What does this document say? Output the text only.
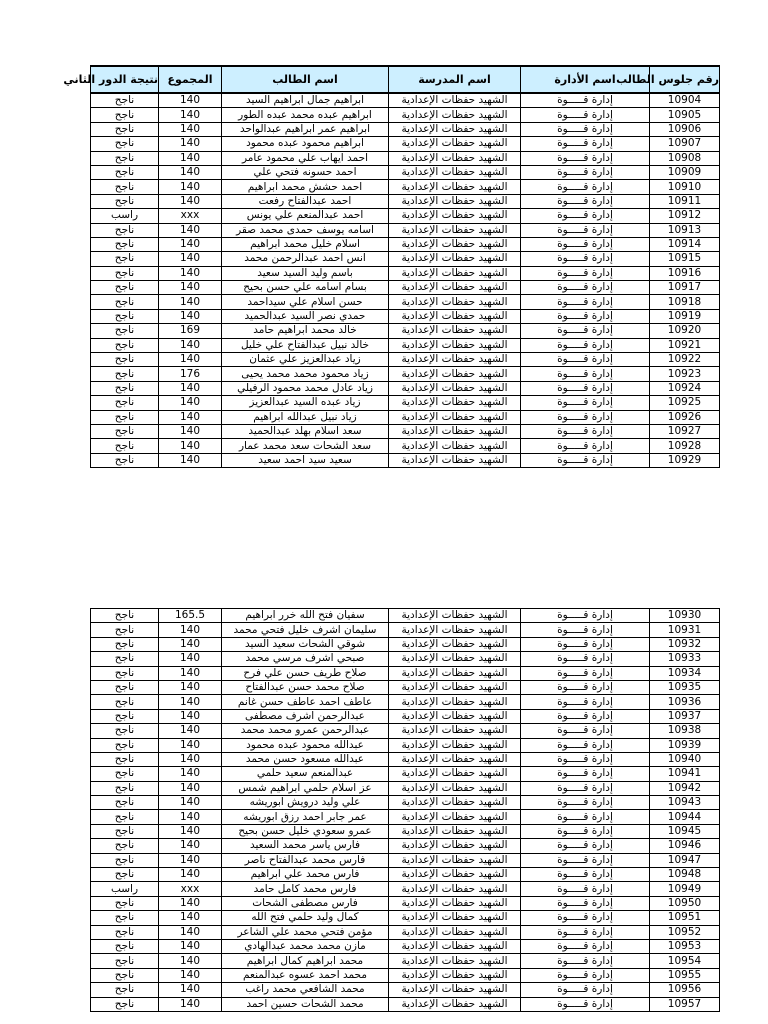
رقم جلوس الطالب	اسم الأدارة	اسم المدرسة	اسم الطالب	المجموع	نتيجة الدور الثاني
10904	إدارة قـــــوة	الشهيد حفظات الإعدادية	ابراهيم جمال ابراهيم السيد	140	ناجح
10905	إدارة قـــــوة	الشهيد حفظات الإعدادية	ابراهيم عبده محمد عبده الطور	140	ناجح
10906	إدارة قـــــوة	الشهيد حفظات الإعدادية	ابراهيم عمر ابراهيم عبدالواحد	140	ناجح
10907	إدارة قـــــوة	الشهيد حفظات الإعدادية	ابراهيم محمود عبده محمود	140	ناجح
10908	إدارة قـــــوة	الشهيد حفظات الإعدادية	احمد ايهاب علي محمود عامر	140	ناجح
10909	إدارة قـــــوة	الشهيد حفظات الإعدادية	احمد حسونه فتحي علي	140	ناجح
10910	إدارة قـــــوة	الشهيد حفظات الإعدادية	احمد حشش محمد ابراهيم	140	ناجح
10911	إدارة قـــــوة	الشهيد حفظات الإعدادية	احمد عبدالفتاح رفعت	140	ناجح
10912	إدارة قـــــوة	الشهيد حفظات الإعدادية	احمد عبدالمنعم علي يونس	xxx	راسب
10913	إدارة قـــــوة	الشهيد حفظات الإعدادية	اسامه يوسف حمدى محمد صقر	140	ناجح
10914	إدارة قـــــوة	الشهيد حفظات الإعدادية	اسلام خليل محمد ابراهيم	140	ناجح
10915	إدارة قـــــوة	الشهيد حفظات الإعدادية	انس احمد عبدالرحمن محمد	140	ناجح
10916	إدارة قـــــوة	الشهيد حفظات الإعدادية	باسم وليد السيد سعيد	140	ناجح
10917	إدارة قـــــوة	الشهيد حفظات الإعدادية	بسام اسامه علي حسن بحيح	140	ناجح
10918	إدارة قـــــوة	الشهيد حفظات الإعدادية	حسن اسلام علي سيداحمد	140	ناجح
10919	إدارة قـــــوة	الشهيد حفظات الإعدادية	حمدي نصر السيد عبدالحميد	140	ناجح
10920	إدارة قـــــوة	الشهيد حفظات الإعدادية	خالد محمد ابراهيم حامد	169	ناجح
10921	إدارة قـــــوة	الشهيد حفظات الإعدادية	خالد نبيل عبدالفتاح علي خليل	140	ناجح
10922	إدارة قـــــوة	الشهيد حفظات الإعدادية	زياد عبدالعزيز علي عثمان	140	ناجح
10923	إدارة قـــــوة	الشهيد حفظات الإعدادية	زياد محمود محمد محمد يحيى	176	ناجح
10924	إدارة قـــــوة	الشهيد حفظات الإعدادية	زياد عادل محمد محمود الرفيلي	140	ناجح
10925	إدارة قـــــوة	الشهيد حفظات الإعدادية	زياد عبده السيد عبدالعزيز	140	ناجح
10926	إدارة قـــــوة	الشهيد حفظات الإعدادية	زياد نبيل عبدالله ابراهيم	140	ناجح
10927	إدارة قـــــوة	الشهيد حفظات الإعدادية	سعد اسلام بهلد عبدالحميد	140	ناجح
10928	إدارة قـــــوة	الشهيد حفظات الإعدادية	سعد الشحات سعد محمد عمار	140	ناجح
10929	إدارة قـــــوة	الشهيد حفظات الإعدادية	سعيد سيد احمد سعيد	140	ناجح
10930	إدارة قـــــوة	الشهيد حفظات الإعدادية	سفيان فتح الله خرر ابراهيم	165.5	ناجح
10931	إدارة قـــــوة	الشهيد حفظات الإعدادية	سليمان اشرف خليل فتحي محمد	140	ناجح
10932	إدارة قـــــوة	الشهيد حفظات الإعدادية	شوقي الشحات سعيد السيد	140	ناجح
10933	إدارة قـــــوة	الشهيد حفظات الإعدادية	صبحي اشرف مرسي محمد	140	ناجح
10934	إدارة قـــــوة	الشهيد حفظات الإعدادية	صلاح طريف حسن علي فرح	140	ناجح
10935	إدارة قـــــوة	الشهيد حفظات الإعدادية	صلاح محمد حسن عبدالفتاح	140	ناجح
10936	إدارة قـــــوة	الشهيد حفظات الإعدادية	عاطف احمد عاطف حسن غانم	140	ناجح
10937	إدارة قـــــوة	الشهيد حفظات الإعدادية	عبدالرحمن اشرف مصطفى	140	ناجح
10938	إدارة قـــــوة	الشهيد حفظات الإعدادية	عبدالرحمن عمرو محمد محمد	140	ناجح
10939	إدارة قـــــوة	الشهيد حفظات الإعدادية	عبدالله محمود عبده محمود	140	ناجح
10940	إدارة قـــــوة	الشهيد حفظات الإعدادية	عبدالله مسعود حسن محمد	140	ناجح
10941	إدارة قـــــوة	الشهيد حفظات الإعدادية	عبدالمنعم سعيد حلمي	140	ناجح
10942	إدارة قـــــوة	الشهيد حفظات الإعدادية	عز اسلام حلمي ابراهيم شمس	140	ناجح
10943	إدارة قـــــوة	الشهيد حفظات الإعدادية	علي وليد درويش ابوريشه	140	ناجح
10944	إدارة قـــــوة	الشهيد حفظات الإعدادية	عمر جابر احمد رزق ابوريشه	140	ناجح
10945	إدارة قـــــوة	الشهيد حفظات الإعدادية	عمرو سعودي خليل حسن بحيح	140	ناجح
10946	إدارة قـــــوة	الشهيد حفظات الإعدادية	فارس ياسر محمد السعيد	140	ناجح
10947	إدارة قـــــوة	الشهيد حفظات الإعدادية	فارس محمد عبدالفتاح ناصر	140	ناجح
10948	إدارة قـــــوة	الشهيد حفظات الإعدادية	فارس محمد علي ابراهيم	140	ناجح
10949	إدارة قـــــوة	الشهيد حفظات الإعدادية	فارس محمد كامل حامد	xxx	راسب
10950	إدارة قـــــوة	الشهيد حفظات الإعدادية	فارس مصطفى الشحات	140	ناجح
10951	إدارة قـــــوة	الشهيد حفظات الإعدادية	كمال وليد حلمي فتح الله	140	ناجح
10952	إدارة قـــــوة	الشهيد حفظات الإعدادية	مؤمن فتحي محمد علي الشاعر	140	ناجح
10953	إدارة قـــــوة	الشهيد حفظات الإعدادية	مازن محمد محمد عبدالهادي	140	ناجح
10954	إدارة قـــــوة	الشهيد حفظات الإعدادية	محمد ابراهيم كمال ابراهيم	140	ناجح
10955	إدارة قـــــوة	الشهيد حفظات الإعدادية	محمد احمد عسوه عبدالمنعم	140	ناجح
10956	إدارة قـــــوة	الشهيد حفظات الإعدادية	محمد الشافعي محمد راغب	140	ناجح
10957	إدارة قـــــوة	الشهيد حفظات الإعدادية	محمد الشحات حسين احمد	140	ناجح
